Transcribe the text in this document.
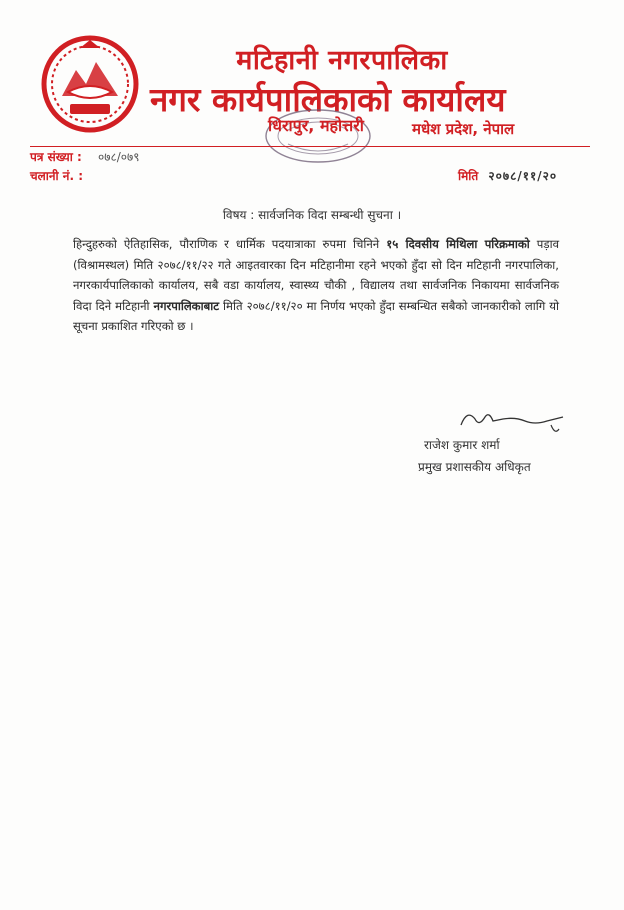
मटिहानी नगरपालिका
नगर कार्यपालिकाको कार्यालय
धिरापुर, महोत्तरी	मधेश प्रदेश, नेपाल
पत्र संख्या : ०७८/०७९
चलानी नं. :	मिति २०७८/११/२०
विषय : सार्वजनिक विदा सम्बन्धी सुचना ।
हिन्दुहरुको ऐतिहासिक, पौराणिक र धार्मिक पदयात्राका रुपमा चिनिने १५ दिवसीय मिथिला परिक्रमाको पड़ाव (विश्रामस्थल) मिति २०७८/११/२२ गते आइतवारका दिन मटिहानीमा रहने भएको हुँदा सो दिन मटिहानी नगरपालिका, नगरकार्यपालिकाको कार्यालय, सबै वडा कार्यालय, स्वास्थ्य चौकी , विद्यालय तथा सार्वजनिक निकायमा सार्वजनिक विदा दिने मटिहानी नगरपालिकाबाट मिति २०७८/११/२० मा निर्णय भएको हुँदा सम्बन्धित सबैको जानकारीको लागि यो सूचना प्रकाशित गरिएको छ ।
राजेश कुमार शर्मा
प्रमुख प्रशासकीय अधिकृत
